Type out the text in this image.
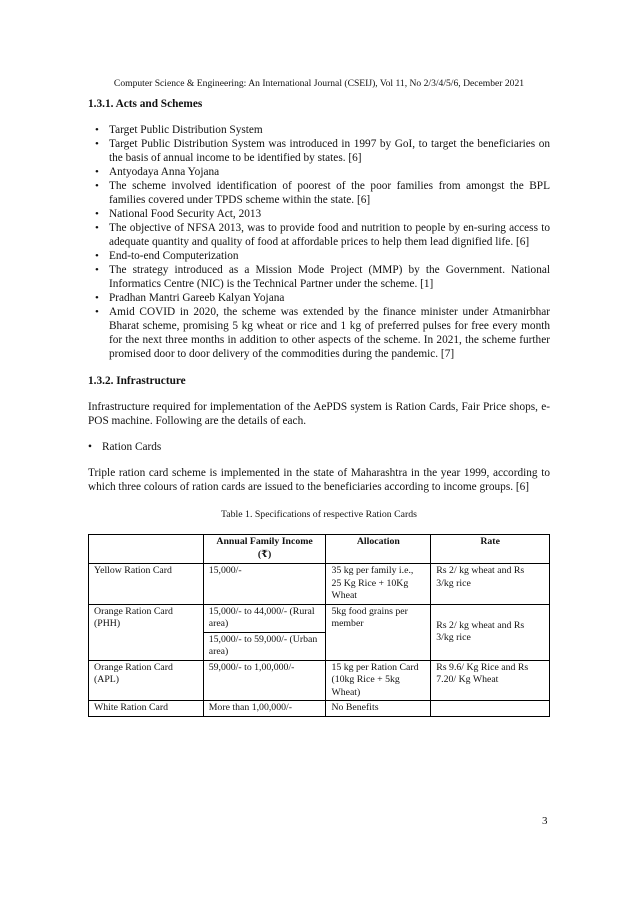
Computer Science & Engineering: An International Journal (CSEIJ), Vol 11, No 2/3/4/5/6, December 2021
1.3.1. Acts and Schemes
• Target Public Distribution System
• Target Public Distribution System was introduced in 1997 by GoI, to target the beneficiaries on the basis of annual income to be identified by states. [6]
• Antyodaya Anna Yojana
• The scheme involved identification of poorest of the poor families from amongst the BPL families covered under TPDS scheme within the state. [6]
• National Food Security Act, 2013
• The objective of NFSA 2013, was to provide food and nutrition to people by en-suring access to adequate quantity and quality of food at affordable prices to help them lead dignified life. [6]
• End-to-end Computerization
• The strategy introduced as a Mission Mode Project (MMP) by the Government. National Informatics Centre (NIC) is the Technical Partner under the scheme. [1]
• Pradhan Mantri Gareeb Kalyan Yojana
• Amid COVID in 2020, the scheme was extended by the finance minister under Atmanirbhar Bharat scheme, promising 5 kg wheat or rice and 1 kg of preferred pulses for free every month for the next three months in addition to other aspects of the scheme. In 2021, the scheme further promised door to door delivery of the commodities during the pandemic. [7]
1.3.2. Infrastructure

Infrastructure required for implementation of the AePDS system is Ration Cards, Fair Price shops, e-POS machine. Following are the details of each.

• Ration Cards

Triple ration card scheme is implemented in the state of Maharashtra in the year 1999, according to which three colours of ration cards are issued to the beneficiaries according to income groups. [6]

Table 1. Specifications of respective Ration Cards
	Annual Family Income (₹)	Allocation	Rate
Yellow Ration Card	15,000/-	35 kg per family i.e., 25 Kg Rice + 10Kg Wheat	Rs 2/ kg wheat and Rs 3/kg rice
Orange Ration Card (PHH)	15,000/- to 44,000/- (Rural area)	5kg food grains per member	Rs 2/ kg wheat and Rs 3/kg rice
	15,000/- to 59,000/- (Urban area)		
Orange Ration Card (APL)	59,000/- to 1,00,000/-	15 kg per Ration Card (10kg Rice + 5kg Wheat)	Rs 9.6/ Kg Rice and Rs 7.20/ Kg Wheat
White Ration Card	More than 1,00,000/-	No Benefits	
3
